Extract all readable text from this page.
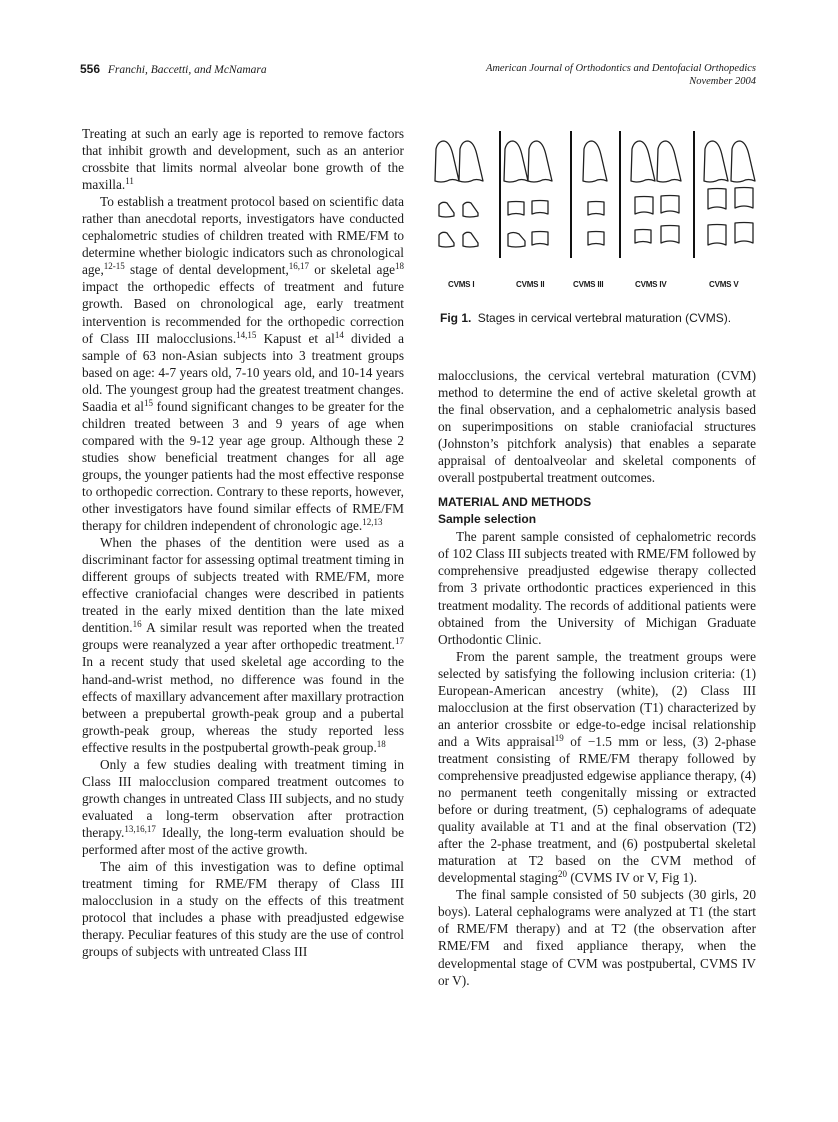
556 Franchi, Baccetti, and McNamara	American Journal of Orthodontics and Dentofacial Orthopedics
November 2004

Treating at such an early age is reported to remove factors that inhibit growth and development, such as an anterior crossbite that limits normal alveolar bone growth of the maxilla.$^{11}$

To establish a treatment protocol based on scientific data rather than anecdotal reports, investigators have conducted cephalometric studies of children treated with RME/FM to determine whether biologic indicators such as chronological age,$^{12-15}$ stage of dental development,$^{16,17}$ or skeletal age$^{18}$ impact the orthopedic effects of treatment and future growth. Based on chronological age, early treatment intervention is recommended for the orthopedic correction of Class III malocclusions.$^{14,15}$ Kapust et $al^{14}$ divided a sample of 63 non-Asian subjects into 3 treatment groups based on age: 4-7 years old, 7-10 years old, and 10-14 years old. The youngest group had the greatest treatment changes. Saadia et $al^{15}$ found significant changes to be greater for the children treated between 3 and 9 years of age when compared with the 9-12 year age group. Although these 2 studies show beneficial treatment changes for all age groups, the younger patients had the most effective response to orthopedic correction. Contrary to these reports, however, other investigators have found similar effects of RME/FM therapy for children independent of chronologic age.$^{12,13}$

When the phases of the dentition were used as a discriminant factor for assessing optimal treatment timing in different groups of subjects treated with RME/FM, more effective craniofacial changes were described in patients treated in the early mixed dentition than the late mixed dentition.$^{16}$ A similar result was reported when the treated groups were reanalyzed a year after orthopedic treatment.$^{17}$ In a recent study that used skeletal age according to the hand-and-wrist method, no difference was found in the effects of maxillary advancement after maxillary protraction between a prepubertal growth-peak group and a pubertal growth-peak group, whereas the study reported less effective results in the postpubertal growth-peak group.$^{18}$

Only a few studies dealing with treatment timing in Class III malocclusion compared treatment outcomes to growth changes in untreated Class III subjects, and no study evaluated a long-term observation after protraction therapy.$^{13,16,17}$ Ideally, the long-term evaluation should be performed after most of the active growth.

The aim of this investigation was to define optimal treatment timing for RME/FM therapy of Class III malocclusion in a study on the effects of this treatment protocol that includes a phase with preadjusted edgewise therapy. Peculiar features of this study are the use of control groups of subjects with untreated Class III

CVMS I	CVMS II	CVMS III	CVMS IV	CVMS V
Fig 1. Stages in cervical vertebral maturation (CVMS).

malocclusions, the cervical vertebral maturation (CVM) method to determine the end of active skeletal growth at the final observation, and a cephalometric analysis based on superimpositions on stable craniofacial structures (Johnston’s pitchfork analysis) that enables a separate appraisal of dentoalveolar and skeletal components of overall postpubertal treatment outcomes.

MATERIAL AND METHODS
Sample selection

The parent sample consisted of cephalometric records of 102 Class III subjects treated with RME/FM followed by comprehensive preadjusted edgewise therapy collected from 3 private orthodontic practices experienced in this treatment modality. The records of additional patients were obtained from the University of Michigan Graduate Orthodontic Clinic.

From the parent sample, the treatment groups were selected by satisfying the following inclusion criteria: (1) European-American ancestry (white), (2) Class III malocclusion at the first observation (T1) characterized by an anterior crossbite or edge-to-edge incisal relationship and a Wits appraisal$^{19}$ of −1.5 mm or less, (3) 2-phase treatment consisting of RME/FM therapy followed by comprehensive preadjusted edgewise appliance therapy, (4) no permanent teeth congenitally missing or extracted before or during treatment, (5) cephalograms of adequate quality available at T1 and at the final observation (T2) after the 2-phase treatment, and (6) postpubertal skeletal maturation at T2 based on the CVM method of developmental staging$^{20}$ (CVMS IV or V, Fig 1).

The final sample consisted of 50 subjects (30 girls, 20 boys). Lateral cephalograms were analyzed at T1 (the start of RME/FM therapy) and at T2 (the observation after RME/FM and fixed appliance therapy, when the developmental stage of CVM was postpubertal, CVMS IV or V).
